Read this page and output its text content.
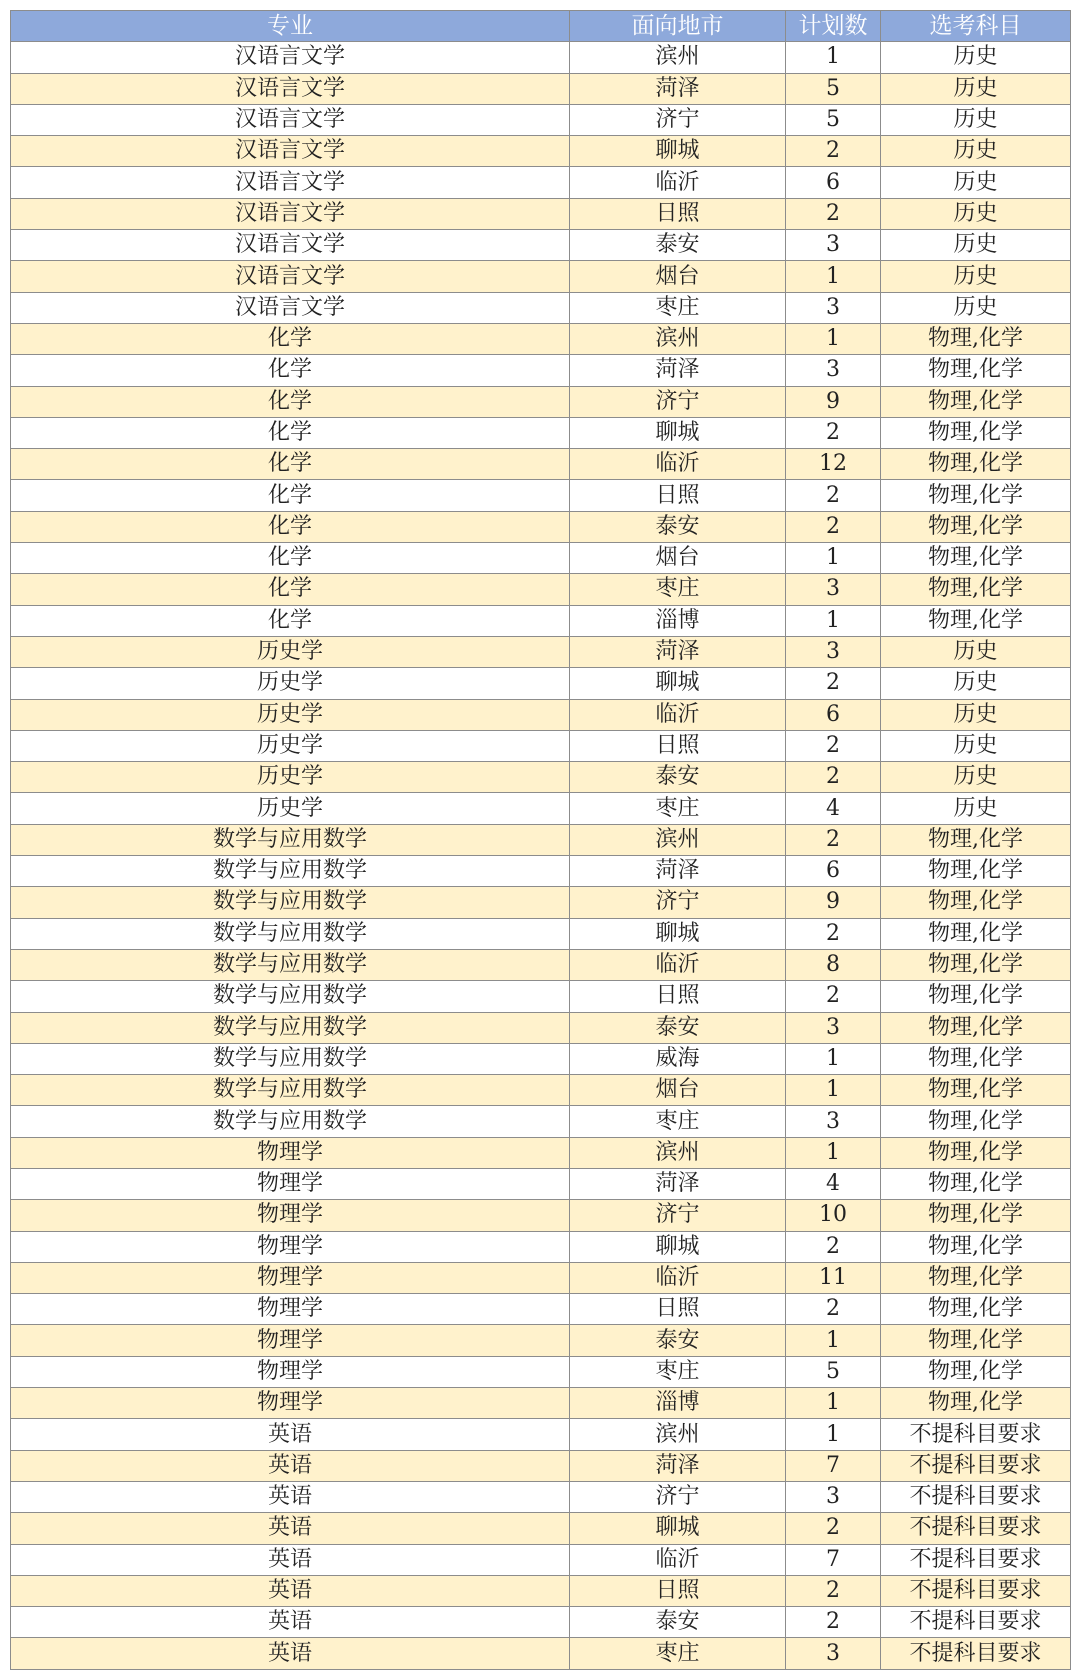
专业	面向地市	计划数	选考科目
汉语言文学	滨州	1	历史
汉语言文学	菏泽	5	历史
汉语言文学	济宁	5	历史
汉语言文学	聊城	2	历史
汉语言文学	临沂	6	历史
汉语言文学	日照	2	历史
汉语言文学	泰安	3	历史
汉语言文学	烟台	1	历史
汉语言文学	枣庄	3	历史
化学	滨州	1	物理,化学
化学	菏泽	3	物理,化学
化学	济宁	9	物理,化学
化学	聊城	2	物理,化学
化学	临沂	12	物理,化学
化学	日照	2	物理,化学
化学	泰安	2	物理,化学
化学	烟台	1	物理,化学
化学	枣庄	3	物理,化学
化学	淄博	1	物理,化学
历史学	菏泽	3	历史
历史学	聊城	2	历史
历史学	临沂	6	历史
历史学	日照	2	历史
历史学	泰安	2	历史
历史学	枣庄	4	历史
数学与应用数学	滨州	2	物理,化学
数学与应用数学	菏泽	6	物理,化学
数学与应用数学	济宁	9	物理,化学
数学与应用数学	聊城	2	物理,化学
数学与应用数学	临沂	8	物理,化学
数学与应用数学	日照	2	物理,化学
数学与应用数学	泰安	3	物理,化学
数学与应用数学	威海	1	物理,化学
数学与应用数学	烟台	1	物理,化学
数学与应用数学	枣庄	3	物理,化学
物理学	滨州	1	物理,化学
物理学	菏泽	4	物理,化学
物理学	济宁	10	物理,化学
物理学	聊城	2	物理,化学
物理学	临沂	11	物理,化学
物理学	日照	2	物理,化学
物理学	泰安	1	物理,化学
物理学	枣庄	5	物理,化学
物理学	淄博	1	物理,化学
英语	滨州	1	不提科目要求
英语	菏泽	7	不提科目要求
英语	济宁	3	不提科目要求
英语	聊城	2	不提科目要求
英语	临沂	7	不提科目要求
英语	日照	2	不提科目要求
英语	泰安	2	不提科目要求
英语	枣庄	3	不提科目要求
